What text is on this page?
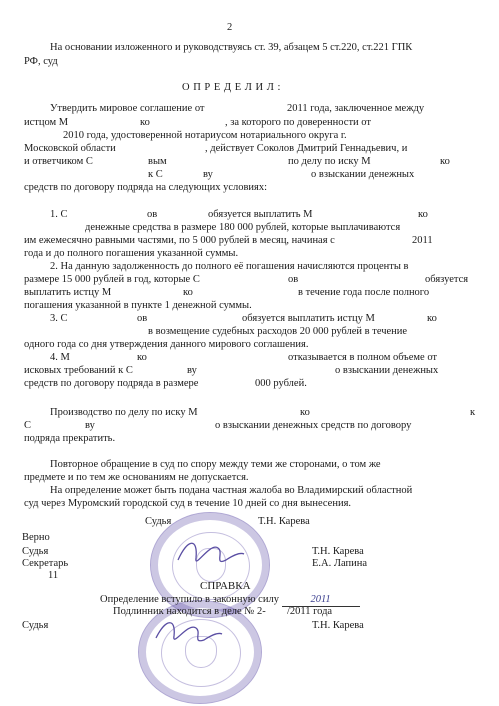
2
На основании изложенного и руководствуясь ст. 39, абзацем 5 ст.220, ст.221 ГПК
РФ, суд
О П Р Е Д Е Л И Л :
Утвердить мировое соглашение от	2011 года, заключенное между
истцом М	ко	, за которого по доверенности от
2010 года, удостоверенной нотариусом нотариального округа г.
Московской области	, действует Соколов Дмитрий Геннадьевич, и
и ответчиком С	вым	по делу по иску М	ко
к С	ву	о взыскании денежных
средств по договору подряда на следующих условиях:
1. С	ов	обязуется выплатить М	ко
денежные средства в размере 180 000 рублей, которые выплачиваются
им ежемесячно равными частями, по 5 000 рублей в месяц, начиная с	2011
года и до полного погашения указанной суммы.
2. На данную задолженность до полного её погашения начисляются проценты в
размере 15 000 рублей в год, которые С	ов	обязуется
выплатить истцу М	ко	в течение года после полного
погашения указанной в пункте 1 денежной суммы.
3. С	ов	обязуется выплатить истцу М	ко
в возмещение судебных расходов 20 000 рублей в течение
одного года со дня утверждения данного мирового соглашения.
4. М	ко	отказывается в полном объеме от
исковых требований к С	ву	о взыскании денежных
средств по договору подряда в размере	000 рублей.
Производство по делу по иску М	ко	к
С	ву	о взыскании денежных средств по договору
подряда прекратить.
Повторное обращение в суд по спору между теми же сторонами, о том же
предмете и по тем же основаниям не допускается.
На определение может быть подана частная жалоба во Владимирский областной
суд через Муромский городской суд в течение 10 дней со дня вынесения.
Судья	Т.Н. Карева
Верно
Судья	Т.Н. Карева
Секретарь	Е.А. Лапина
11
СПРАВКА
Определение вступило в законную силу	2011
Подлинник находится в деле № 2- /2011 года
Судья	Т.Н. Карева
